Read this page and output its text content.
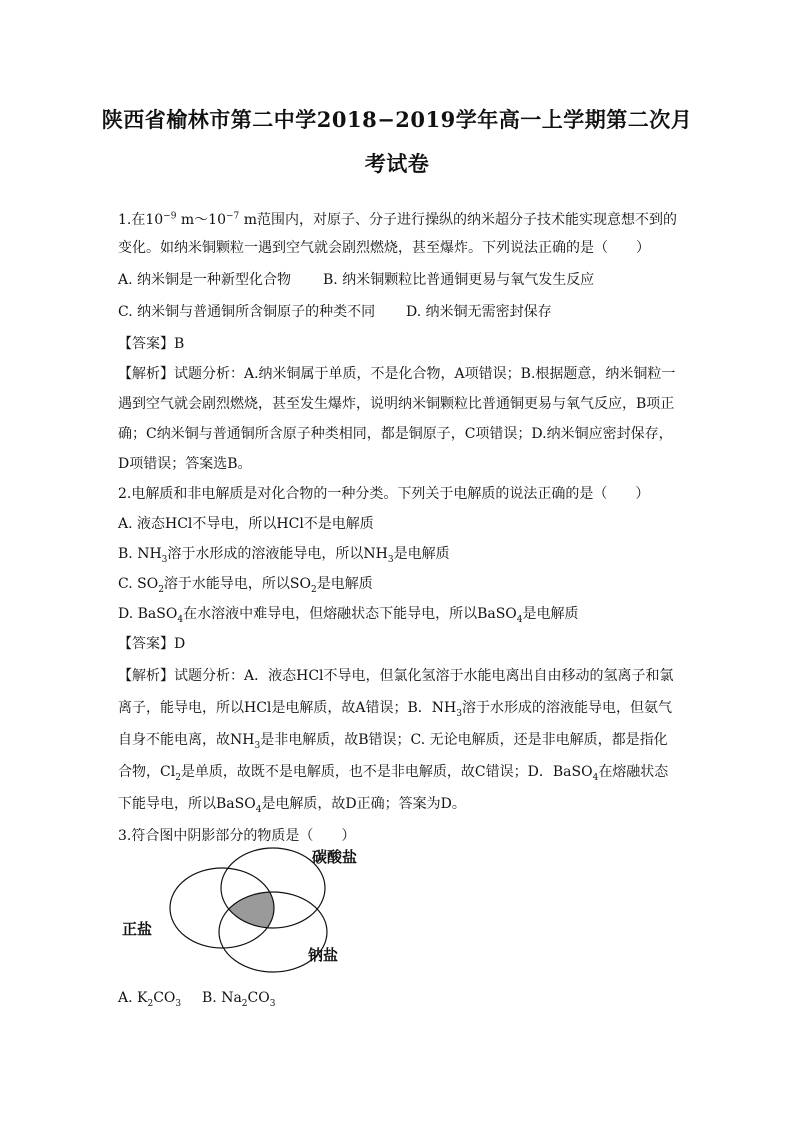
陕西省榆林市第二中学2018−2019学年高一上学期第二次月
考试卷
1.在$10^{-9}$ $m\sim 10^{-7}$ m范围内，对原子、分子进行操纵的纳米超分子技术能实现意想不到的
变化。如纳米铜颗粒一遇到空气就会剧烈燃烧，甚至爆炸。下列说法正确的是（　　）
A. 纳米铜是一种新型化合物	B. 纳米铜颗粒比普通铜更易与氧气发生反应
C. 纳米铜与普通铜所含铜原子的种类不同	D. 纳米铜无需密封保存
【答案】B
【解析】试题分析：A.纳米铜属于单质，不是化合物，A项错误；B.根据题意，纳米铜粒一
遇到空气就会剧烈燃烧，甚至发生爆炸，说明纳米铜颗粒比普通铜更易与氧气反应，B项正
确；C纳米铜与普通铜所含原子种类相同，都是铜原子，C项错误；D.纳米铜应密封保存，
D项错误；答案选B。
2.电解质和非电解质是对化合物的一种分类。下列关于电解质的说法正确的是（　　）
A. 液态HCl不导电，所以HCl不是电解质
B. $NH_3$溶于水形成的溶液能导电，所以$NH_3$是电解质
C. $SO_2$溶于水能导电，所以$SO_2$是电解质
D. BaSO$_4$在水溶液中难导电，但熔融状态下能导电，所以BaSO$_4$是电解质
【答案】D
【解析】试题分析：A．液态HCl不导电，但氯化氢溶于水能电离出自由移动的氢离子和氯
离子，能导电，所以HCl是电解质，故A错误；B．$NH_3$溶于水形成的溶液能导电，但氨气
自身不能电离，故$NH_3$是非电解质，故B错误；C. 无论电解质，还是非电解质，都是指化
合物，$Cl_2$是单质，故既不是电解质，也不是非电解质，故C错误；D．BaSO$_4$在熔融状态
下能导电，所以BaSO$_4$是电解质，故D正确；答案为D。
3.符合图中阴影部分的物质是（　　）
碳酸盐
正盐
钠盐
A. $K_2CO_3$	B. $Na_2CO_3$
